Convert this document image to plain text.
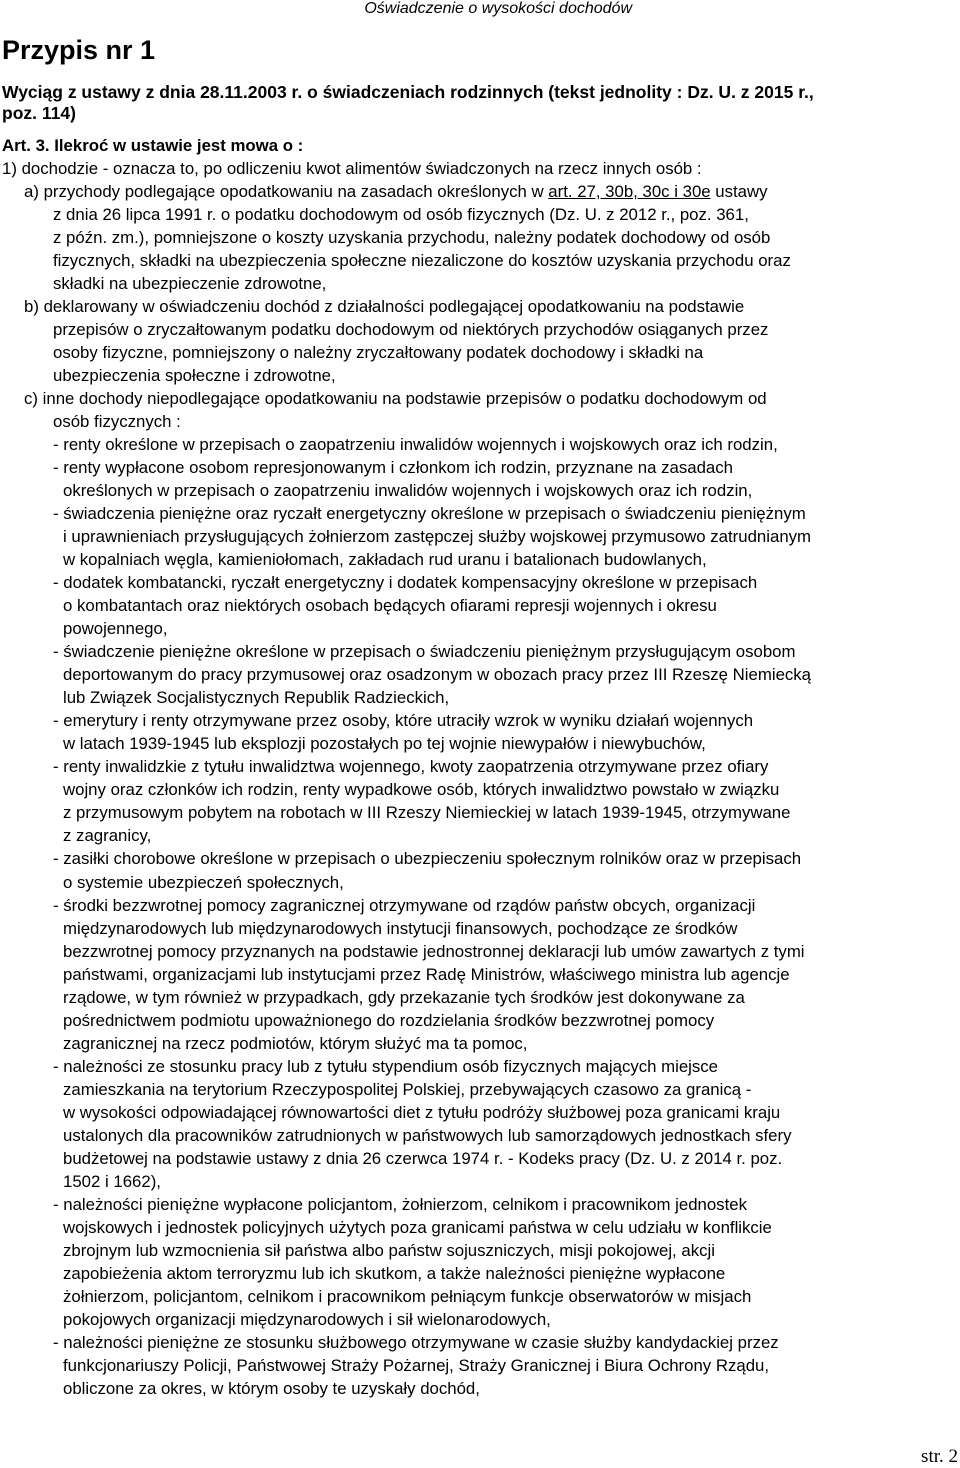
Oświadczenie o wysokości dochodów
Przypis nr 1
Wyciąg z ustawy z dnia 28.11.2003 r. o świadczeniach rodzinnych (tekst jednolity : Dz. U. z 2015 r.,
poz. 114)

Art. 3. Ilekroć w ustawie jest mowa o :

1) dochodzie - oznacza to, po odliczeniu kwot alimentów świadczonych na rzecz innych osób :

a) przychody podlegające opodatkowaniu na zasadach określonych w art. 27, 30b, 30c i 30e ustawy

z dnia 26 lipca 1991 r. o podatku dochodowym od osób fizycznych (Dz. U. z 2012 r., poz. 361,

z późn. zm.), pomniejszone o koszty uzyskania przychodu, należny podatek dochodowy od osób

fizycznych, składki na ubezpieczenia społeczne niezaliczone do kosztów uzyskania przychodu oraz

składki na ubezpieczenie zdrowotne,

b) deklarowany w oświadczeniu dochód z działalności podlegającej opodatkowaniu na podstawie

przepisów o zryczałtowanym podatku dochodowym od niektórych przychodów osiąganych przez

osoby fizyczne, pomniejszony o należny zryczałtowany podatek dochodowy i składki na

ubezpieczenia społeczne i zdrowotne,

c) inne dochody niepodlegające opodatkowaniu na podstawie przepisów o podatku dochodowym od

osób fizycznych :

- renty określone w przepisach o zaopatrzeniu inwalidów wojennych i wojskowych oraz ich rodzin,

- renty wypłacone osobom represjonowanym i członkom ich rodzin, przyznane na zasadach

określonych w przepisach o zaopatrzeniu inwalidów wojennych i wojskowych oraz ich rodzin,

- świadczenia pieniężne oraz ryczałt energetyczny określone w przepisach o świadczeniu pieniężnym

i uprawnieniach przysługujących żołnierzom zastępczej służby wojskowej przymusowo zatrudnianym

w kopalniach węgla, kamieniołomach, zakładach rud uranu i batalionach budowlanych,

- dodatek kombatancki, ryczałt energetyczny i dodatek kompensacyjny określone w przepisach

o kombatantach oraz niektórych osobach będących ofiarami represji wojennych i okresu

powojennego,

- świadczenie pieniężne określone w przepisach o świadczeniu pieniężnym przysługującym osobom

deportowanym do pracy przymusowej oraz osadzonym w obozach pracy przez III Rzeszę Niemiecką

lub Związek Socjalistycznych Republik Radzieckich,

- emerytury i renty otrzymywane przez osoby, które utraciły wzrok w wyniku działań wojennych

w latach 1939-1945 lub eksplozji pozostałych po tej wojnie niewypałów i niewybuchów,

- renty inwalidzkie z tytułu inwalidztwa wojennego, kwoty zaopatrzenia otrzymywane przez ofiary

wojny oraz członków ich rodzin, renty wypadkowe osób, których inwalidztwo powstało w związku

z przymusowym pobytem na robotach w III Rzeszy Niemieckiej w latach 1939-1945, otrzymywane

z zagranicy,

- zasiłki chorobowe określone w przepisach o ubezpieczeniu społecznym rolników oraz w przepisach

o systemie ubezpieczeń społecznych,

- środki bezzwrotnej pomocy zagranicznej otrzymywane od rządów państw obcych, organizacji

międzynarodowych lub międzynarodowych instytucji finansowych, pochodzące ze środków

bezzwrotnej pomocy przyznanych na podstawie jednostronnej deklaracji lub umów zawartych z tymi

państwami, organizacjami lub instytucjami przez Radę Ministrów, właściwego ministra lub agencje

rządowe, w tym również w przypadkach, gdy przekazanie tych środków jest dokonywane za

pośrednictwem podmiotu upoważnionego do rozdzielania środków bezzwrotnej pomocy

zagranicznej na rzecz podmiotów, którym służyć ma ta pomoc,

- należności ze stosunku pracy lub z tytułu stypendium osób fizycznych mających miejsce

zamieszkania na terytorium Rzeczypospolitej Polskiej, przebywających czasowo za granicą -

w wysokości odpowiadającej równowartości diet z tytułu podróży służbowej poza granicami kraju

ustalonych dla pracowników zatrudnionych w państwowych lub samorządowych jednostkach sfery

budżetowej na podstawie ustawy z dnia 26 czerwca 1974 r. - Kodeks pracy (Dz. U. z 2014 r. poz.

1502 i 1662),

- należności pieniężne wypłacone policjantom, żołnierzom, celnikom i pracownikom jednostek

wojskowych i jednostek policyjnych użytych poza granicami państwa w celu udziału w konflikcie

zbrojnym lub wzmocnienia sił państwa albo państw sojuszniczych, misji pokojowej, akcji

zapobieżenia aktom terroryzmu lub ich skutkom, a także należności pieniężne wypłacone

żołnierzom, policjantom, celnikom i pracownikom pełniącym funkcje obserwatorów w misjach

pokojowych organizacji międzynarodowych i sił wielonarodowych,

- należności pieniężne ze stosunku służbowego otrzymywane w czasie służby kandydackiej przez

funkcjonariuszy Policji, Państwowej Straży Pożarnej, Straży Granicznej i Biura Ochrony Rządu,

obliczone za okres, w którym osoby te uzyskały dochód,

str. 2
